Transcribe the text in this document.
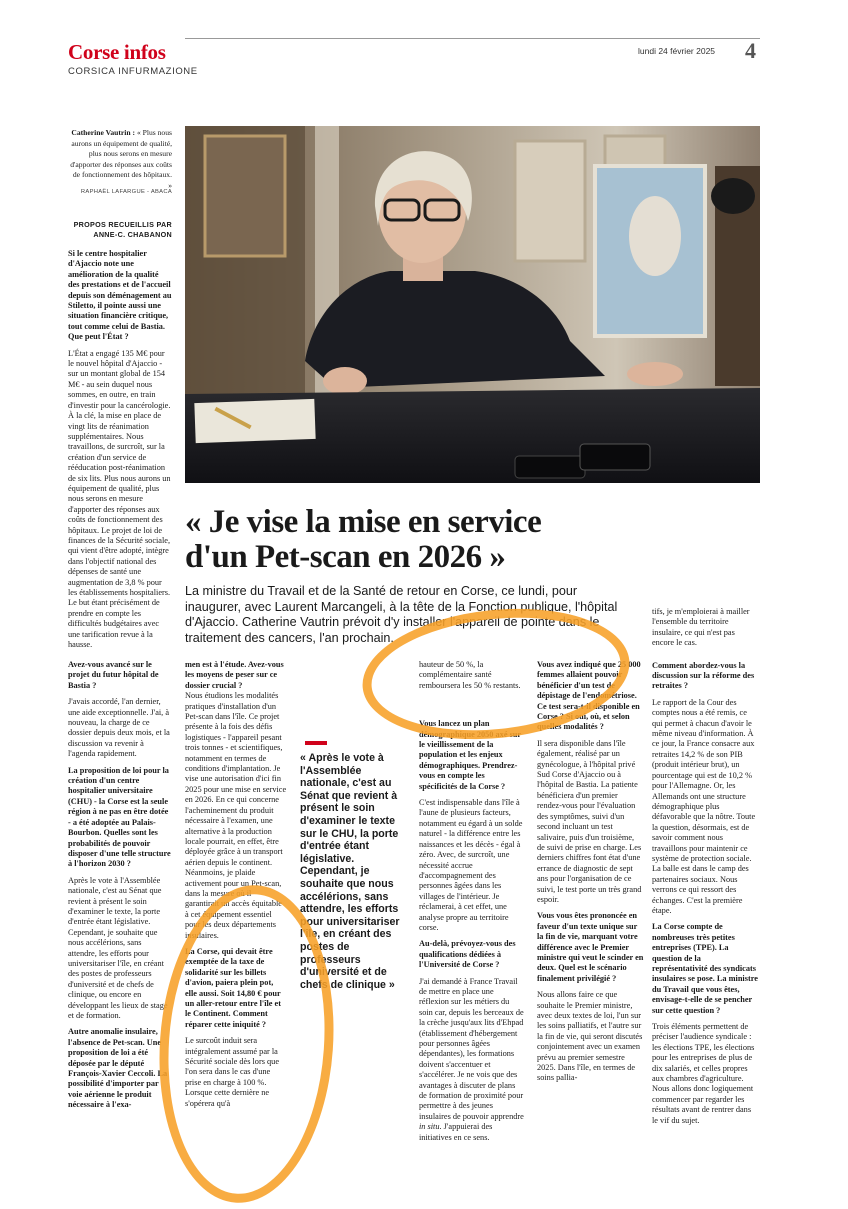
Corse infos
CORSICA INFURMAZIONE
lundi 24 février 2025 4
Catherine Vautrin : « Plus nous aurons un équipement de qualité, plus nous serons en mesure d'apporter des réponses aux coûts de fonctionnement des hôpitaux. »
RAPHAËL LAFARGUE - ABACA
PROPOS RECUEILLIS PAR
ANNE-C. CHABANON

Si le centre hospitalier d'Ajaccio note une amélioration de la qualité des prestations et de l'accueil depuis son déménagement au Stiletto, il pointe aussi une situation financière critique, tout comme celui de Bastia. Que peut l'État ?

L'État a engagé 135 M€ pour le nouvel hôpital d'Ajaccio - sur un montant global de 154 M€ - au sein duquel nous sommes, en outre, en train d'investir pour la cancérologie. À la clé, la mise en place de vingt lits de réanimation supplémentaires. Nous travaillons, de surcroît, sur la création d'un service de rééducation post-réanimation de six lits. Plus nous aurons un équipement de qualité, plus nous serons en mesure d'apporter des réponses aux coûts de fonctionnement des hôpitaux. Le projet de loi de finances de la Sécurité sociale, qui vient d'être adopté, intègre dans l'objectif national des dépenses de santé une augmentation de 3,8 % pour les établissements hospitaliers. Le but étant précisément de prendre en compte les difficultés budgétaires avec une tarification revue à la hausse.

« Je vise la mise en service
d'un Pet-scan en 2026 »
La ministre du Travail et de la Santé de retour en Corse, ce lundi, pour inaugurer, avec Laurent Marcangeli, à la tête de la Fonction publique, l'hôpital d'Ajaccio. Catherine Vautrin prévoit d'y installer l'appareil de pointe dans le traitement des cancers, l'an prochain.

Avez-vous avancé sur le projet du futur hôpital de Bastia ?

J'avais accordé, l'an dernier, une aide exceptionnelle. J'ai, à nouveau, la charge de ce dossier depuis deux mois, et la discussion va revenir à l'agenda rapidement.

La proposition de loi pour la création d'un centre hospitalier universitaire (CHU) - la Corse est la seule région à ne pas en être dotée - a été adoptée au Palais-Bourbon. Quelles sont les probabilités de pouvoir disposer d'une telle structure à l'horizon 2030 ?

Après le vote à l'Assemblée nationale, c'est au Sénat que revient à présent le soin d'examiner le texte, la porte d'entrée étant législative. Cependant, je souhaite que nous accélérions, sans attendre, les efforts pour universitariser l'île, en créant des postes de professeurs d'université et de chefs de clinique, ou encore en développant les lieux de stage et de formation.

Autre anomalie insulaire, l'absence de Pet-scan. Une proposition de loi a été déposée par le député François-Xavier Ceccoli. La possibilité d'importer par voie aérienne le produit nécessaire à l'exa-

men est à l'étude. Avez-vous les moyens de peser sur ce dossier crucial ?

Nous étudions les modalités pratiques d'installation d'un Pet-scan dans l'île. Ce projet présente à la fois des défis logistiques - l'appareil pesant trois tonnes - et scientifiques, notamment en termes de conditions d'implantation. Je vise une autorisation d'ici fin 2025 pour une mise en service en 2026. En ce qui concerne l'acheminement du produit nécessaire à l'examen, une alternative à la production locale pourrait, en effet, être déployée grâce à un transport aérien depuis le continent. Néanmoins, je plaide activement pour un Pet-scan, dans la mesure où il garantirait un accès équitable à cet équipement essentiel pour les deux départements insulaires.

La Corse, qui devait être exemptée de la taxe de solidarité sur les billets d'avion, paiera plein pot, elle aussi. Soit 14,80 € pour un aller-retour entre l'île et le Continent. Comment réparer cette iniquité ?

Le surcoût induit sera intégralement assumé par la Sécurité sociale dès lors que l'on sera dans le cas d'une prise en charge à 100 %. Lorsque cette dernière ne s'opérera qu'à

« Après le vote à l'Assemblée nationale, c'est au Sénat que revient à présent le soin d'examiner le texte sur le CHU, la porte d'entrée étant législative. Cependant, je souhaite que nous accélérions, sans attendre, les efforts pour universitariser l'île, en créant des postes de professeurs d'université et de chefs de clinique »

hauteur de 50 %, la complémentaire santé remboursera les 50 % restants.

Vous lancez un plan démographique 2050 axé sur le vieillissement de la population et les enjeux démographiques. Prendrez-vous en compte les spécificités de la Corse ?

C'est indispensable dans l'île à l'aune de plusieurs facteurs, notamment eu égard à un solde naturel - la différence entre les naissances et les décès - égal à zéro. Avec, de surcroît, une nécessité accrue d'accompagnement des personnes âgées dans les villages de l'intérieur. Je réclamerai, à cet effet, une analyse propre au territoire corse.

Au-delà, prévoyez-vous des qualifications dédiées à l'Université de Corse ?

J'ai demandé à France Travail de mettre en place une réflexion sur les métiers du soin car, depuis les berceaux de la crèche jusqu'aux lits d'Ehpad (établissement d'hébergement pour personnes âgées dépendantes), les formations doivent s'accentuer et s'accélérer. Je ne vois que des avantages à discuter de plans de formation de proximité pour permettre à des jeunes insulaires de pouvoir apprendre in situ. J'appuierai des initiatives en ce sens.

Vous avez indiqué que 25 000 femmes allaient pouvoir bénéficier d'un test de dépistage de l'endométriose. Ce test sera-t-il disponible en Corse ? Si oui, où, et selon quelles modalités ?

Il sera disponible dans l'île également, réalisé par un gynécologue, à l'hôpital privé Sud Corse d'Ajaccio ou à l'hôpital de Bastia. La patiente bénéficiera d'un premier rendez-vous pour l'évaluation des symptômes, suivi d'un second incluant un test salivaire, puis d'un troisième, de suivi de prise en charge. Les derniers chiffres font état d'une errance de diagnostic de sept ans pour l'organisation de ce suivi, le test porte un très grand espoir.

Vous vous êtes prononcée en faveur d'un texte unique sur la fin de vie, marquant votre différence avec le Premier ministre qui veut le scinder en deux. Quel est le scénario finalement privilégié ?

Nous allons faire ce que souhaite le Premier ministre, avec deux textes de loi, l'un sur les soins palliatifs, et l'autre sur la fin de vie, qui seront discutés conjointement avec un examen prévu au premier semestre 2025. Dans l'île, en termes de soins pallia-

tifs, je m'emploierai à mailler l'ensemble du territoire insulaire, ce qui n'est pas encore le cas.

Comment abordez-vous la discussion sur la réforme des retraites ?

Le rapport de la Cour des comptes nous a été remis, ce qui permet à chacun d'avoir le même niveau d'information. À ce jour, la France consacre aux retraites 14,2 % de son PIB (produit intérieur brut), un pourcentage qui est de 10,2 % pour l'Allemagne. Or, les Allemands ont une structure démographique plus défavorable que la nôtre. Toute la question, désormais, est de savoir comment nous travaillons pour maintenir ce système de protection sociale. La balle est dans le camp des partenaires sociaux. Nous verrons ce qui ressort des échanges. C'est la première étape.

La Corse compte de nombreuses très petites entreprises (TPE). La question de la représentativité des syndicats insulaires se pose. La ministre du Travail que vous êtes, envisage-t-elle de se pencher sur cette question ?

Trois éléments permettent de préciser l'audience syndicale : les élections TPE, les élections pour les entreprises de plus de dix salariés, et celles propres aux chambres d'agriculture. Nous allons donc logiquement commencer par regarder les résultats avant de rentrer dans le vif du sujet.
